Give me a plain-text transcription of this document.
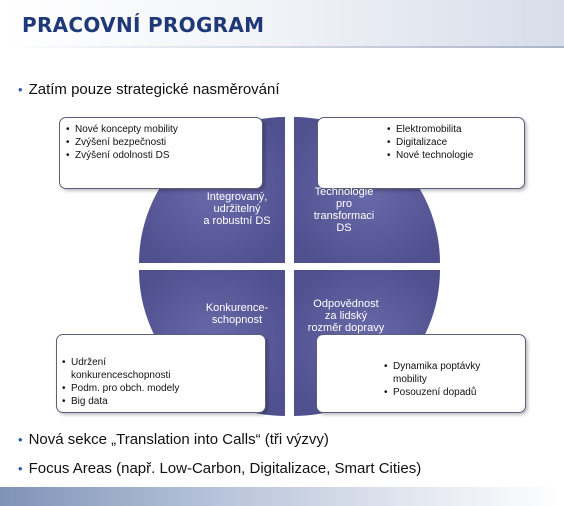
PRACOVNÍ PROGRAM
• Zatím pouze strategické nasměrování
• Nové koncepty mobility
• Zvýšení bezpečnosti
• Zvýšení odolnosti DS
• Elektromobilita
• Digitalizace
• Nové technologie
• Udržení konkurenceschopnosti
• Podm. pro obch. modely
• Big data
• Dynamika poptávky mobility
• Posouzení dopadů
Integrovaný,
udržitelný
a robustní DS
Technologie
pro
transformaci
DS
Konkurence-
schopnost
Odpovědnost
za lidský
rozměr dopravy
• Nová sekce „Translation into Calls“ (tři výzvy)
• Focus Areas (např. Low-Carbon, Digitalizace, Smart Cities)
